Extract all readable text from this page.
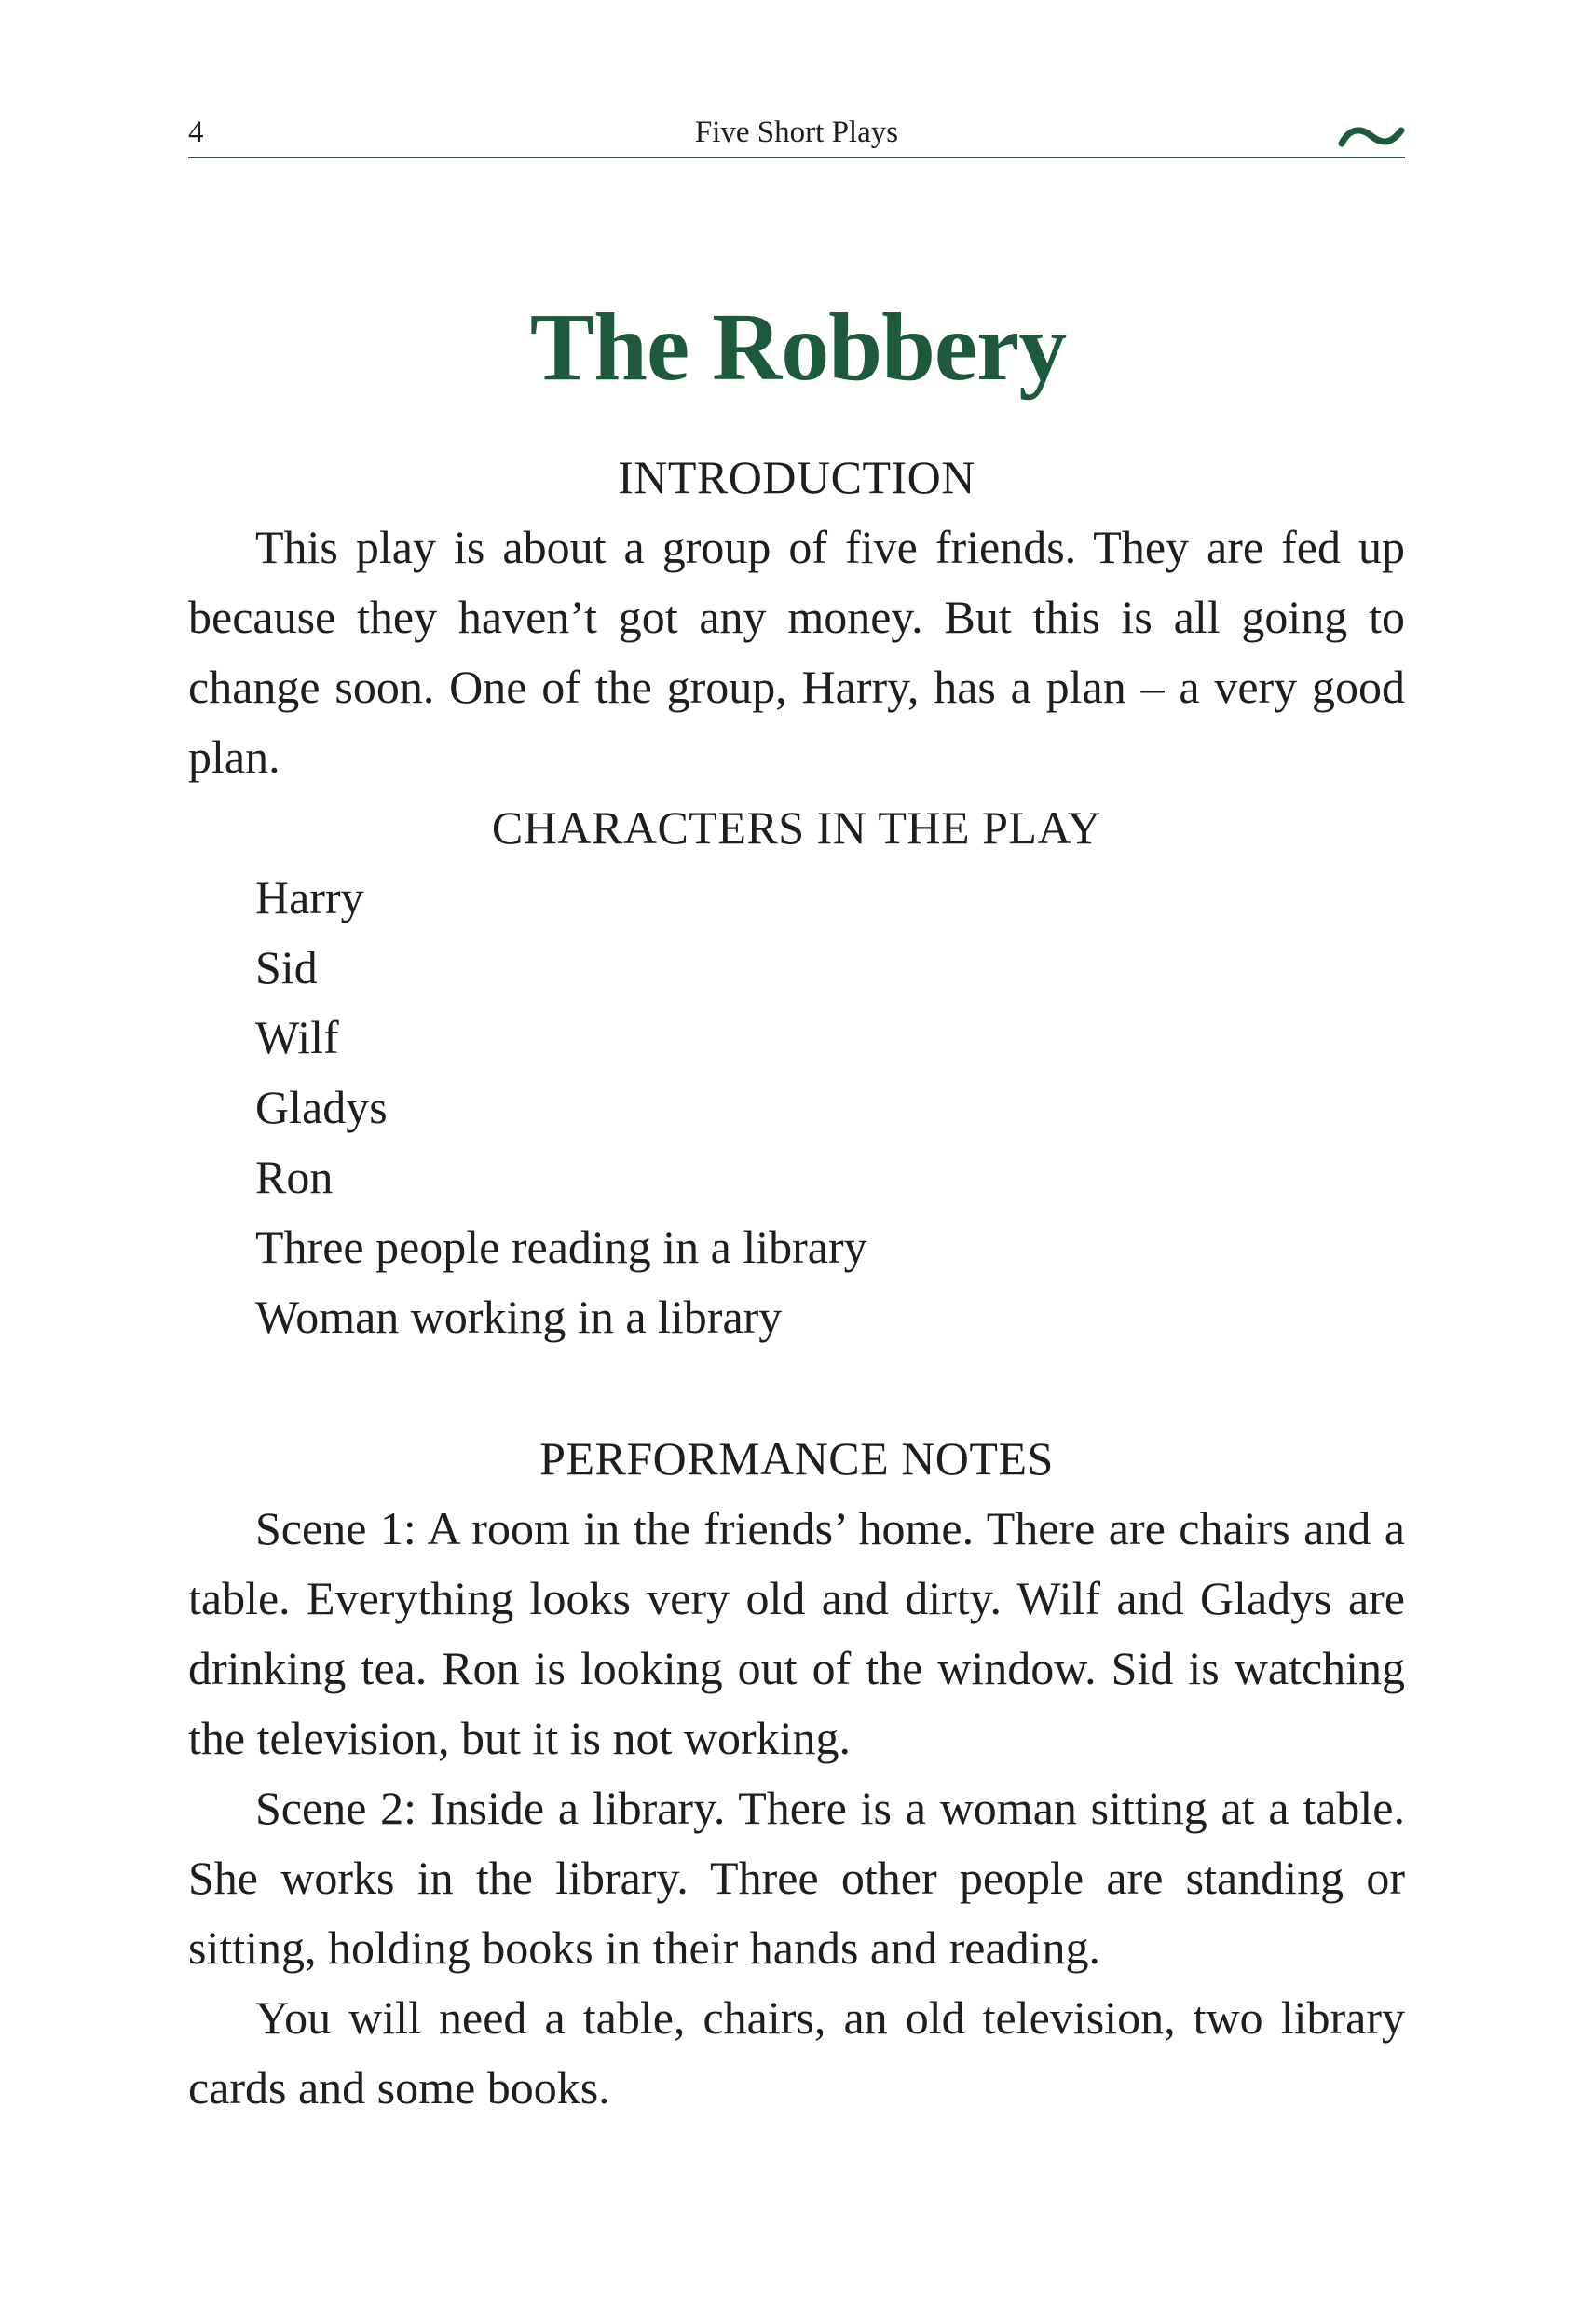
4	Five Short Plays
The Robbery
INTRODUCTION

This play is about a group of five friends. They are fed up because they haven’t got any money. But this is all going to change soon. One of the group, Harry, has a plan – a very good plan.

CHARACTERS IN THE PLAY
Harry
Sid
Wilf
Gladys
Ron
Three people reading in a library
Woman working in a library
PERFORMANCE NOTES

Scene 1: A room in the friends’ home. There are chairs and a table. Everything looks very old and dirty. Wilf and Gladys are drinking tea. Ron is looking out of the window. Sid is watching the television, but it is not working.

Scene 2: Inside a library. There is a woman sitting at a table. She works in the library. Three other people are standing or sitting, holding books in their hands and reading.

You will need a table, chairs, an old television, two library cards and some books.
